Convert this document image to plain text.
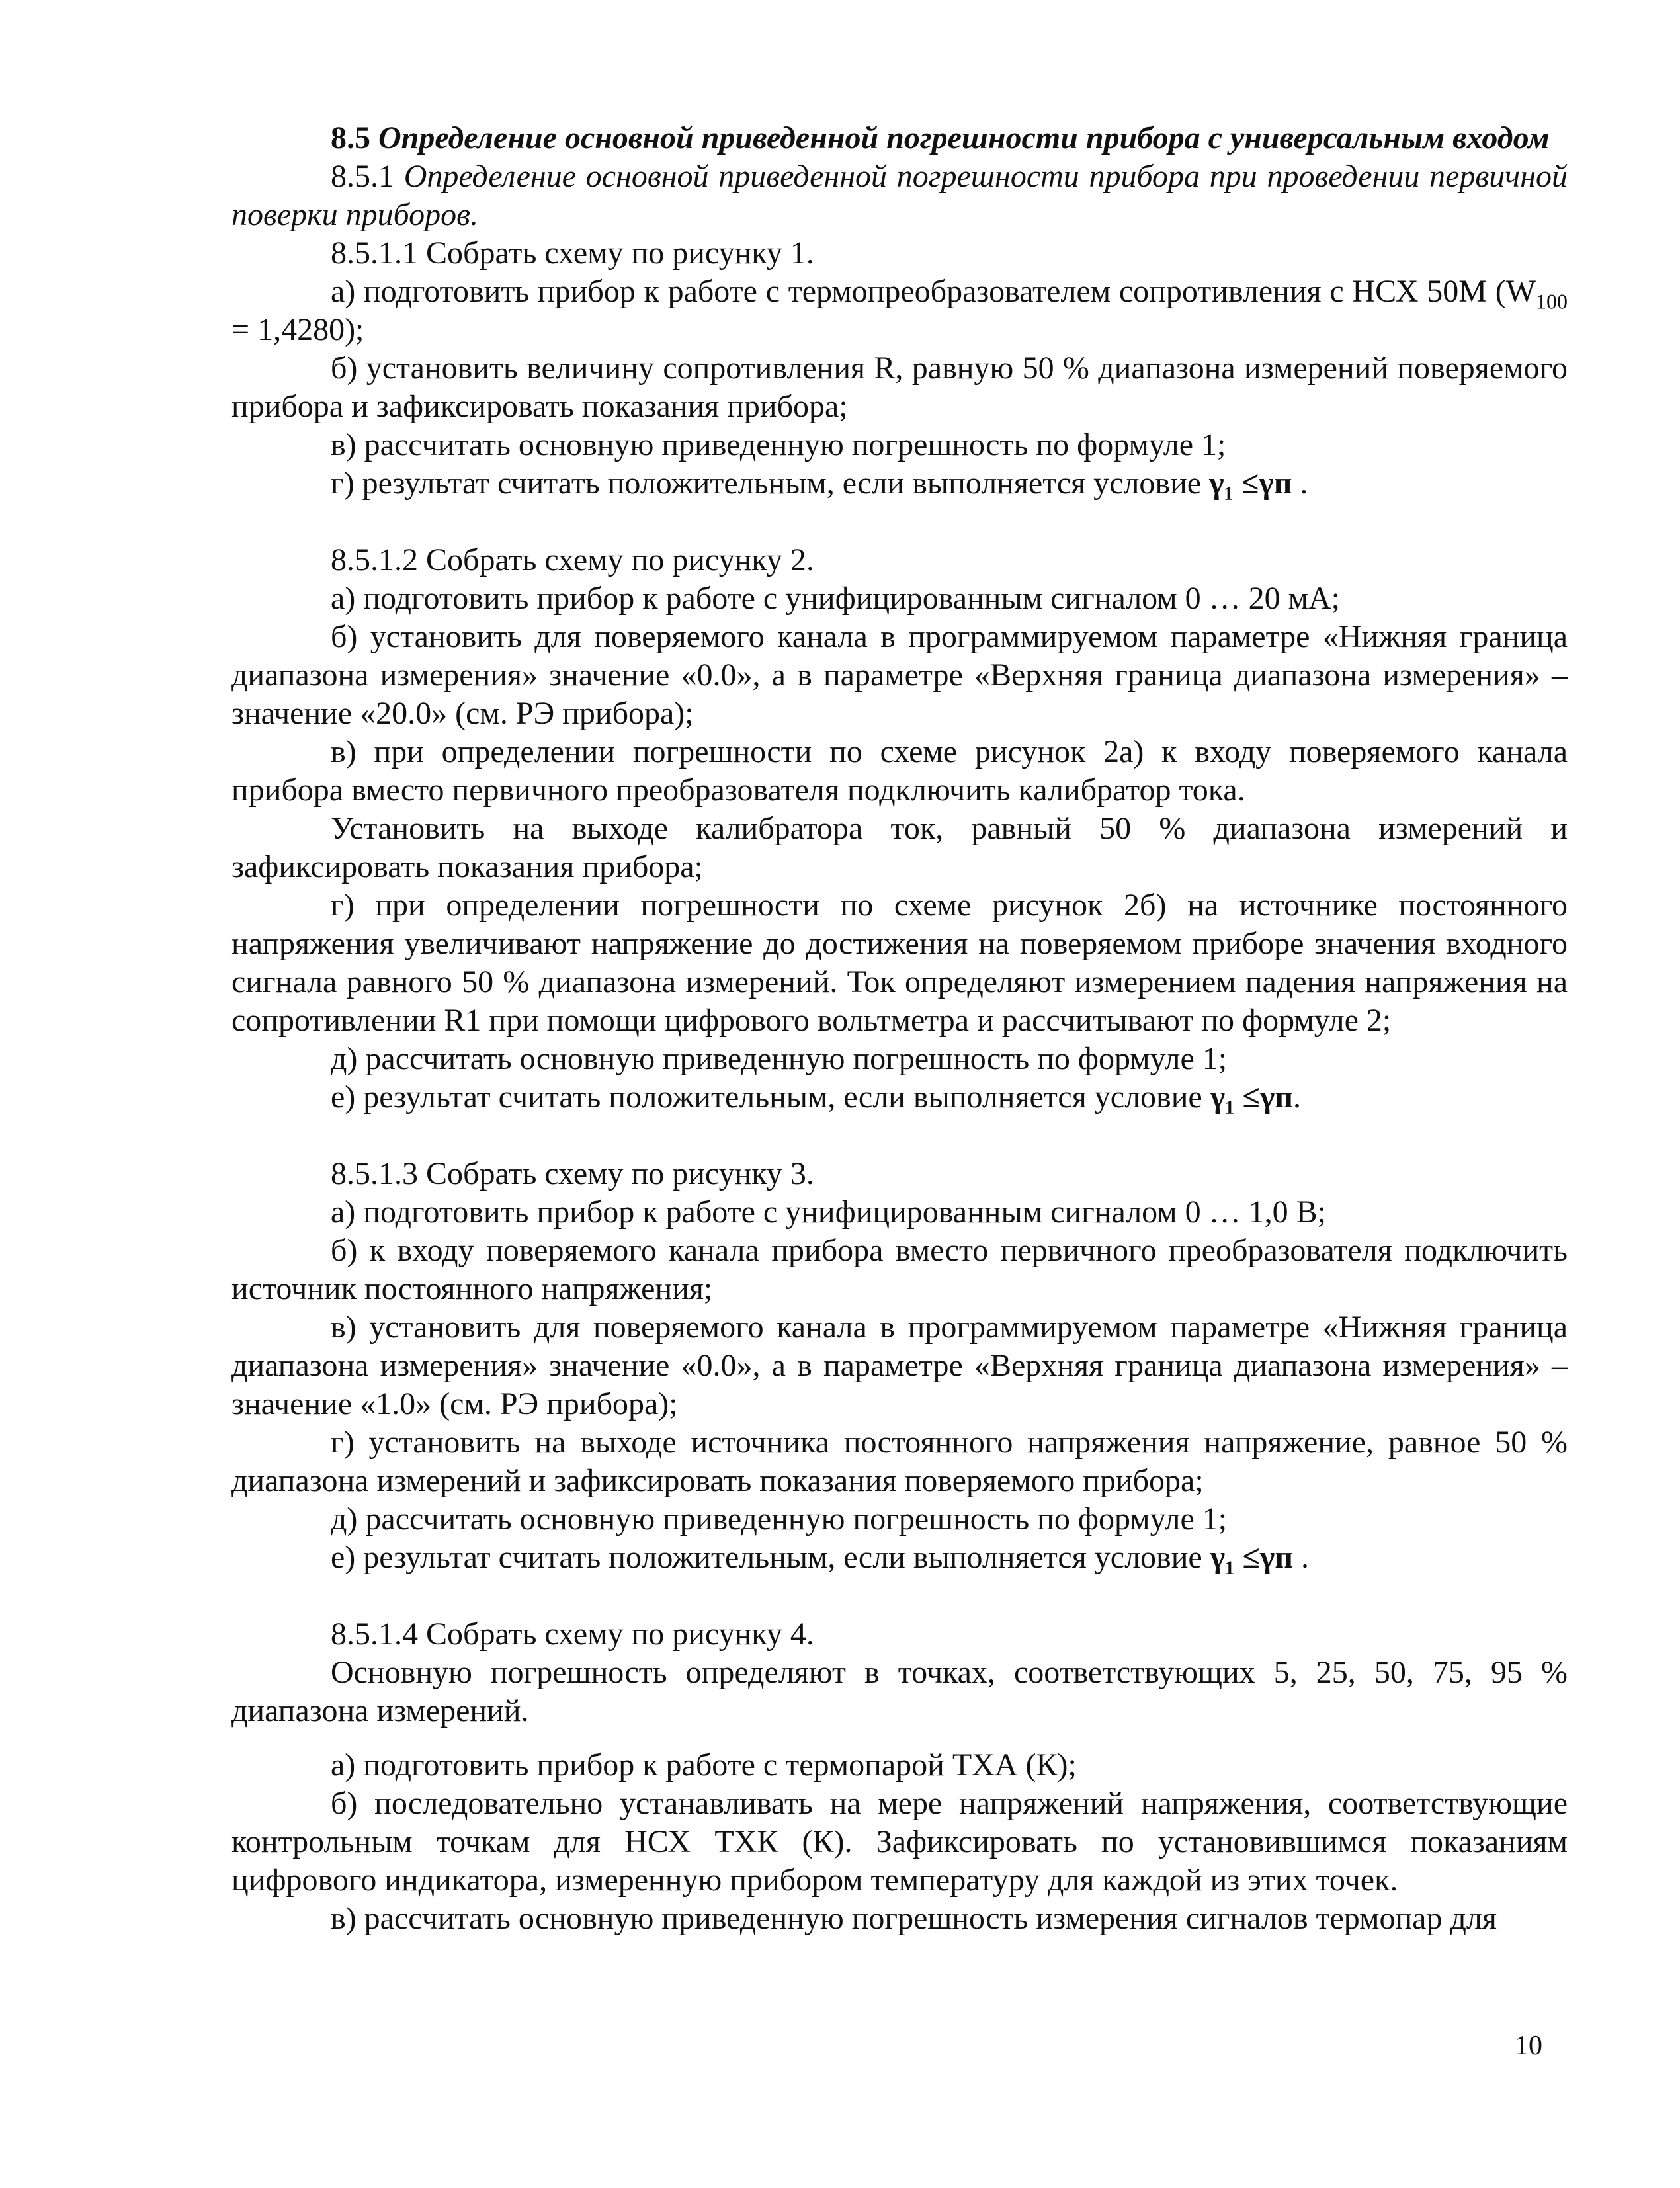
8.5 Определение основной приведенной погрешности прибора с универсальным входом

8.5.1 Определение основной приведенной погрешности прибора при проведении первичной поверки приборов.

8.5.1.1 Собрать схему по рисунку 1.

а) подготовить прибор к работе с термопреобразователем сопротивления с НСХ 50М $(W_{100} = 1,4280)$;

б) установить величину сопротивления R, равную 50 % диапазона измерений поверяемого прибора и зафиксировать показания прибора;

в) рассчитать основную приведенную погрешность по формуле 1;

г) результат считать положительным, если выполняется условие γ₁ ≤γп .

8.5.1.2 Собрать схему по рисунку 2.

а) подготовить прибор к работе с унифицированным сигналом 0 … 20 мА;

б) установить для поверяемого канала в программируемом параметре «Нижняя граница диапазона измерения» значение «0.0», а в параметре «Верхняя граница диапазона измерения» – значение «20.0» (см. РЭ прибора);

в) при определении погрешности по схеме рисунок 2а) к входу поверяемого канала прибора вместо первичного преобразователя подключить калибратор тока.

Установить на выходе калибратора ток, равный 50 % диапазона измерений и зафиксировать показания прибора;

г) при определении погрешности по схеме рисунок 2б) на источнике постоянного напряжения увеличивают напряжение до достижения на поверяемом приборе значения входного сигнала равного 50 % диапазона измерений. Ток определяют измерением падения напряжения на сопротивлении R1 при помощи цифрового вольтметра и рассчитывают по формуле 2;

д) рассчитать основную приведенную погрешность по формуле 1;

е) результат считать положительным, если выполняется условие γ₁ ≤γп.

8.5.1.3 Собрать схему по рисунку 3.

а) подготовить прибор к работе с унифицированным сигналом 0 … 1,0 В;

б) к входу поверяемого канала прибора вместо первичного преобразователя подключить источник постоянного напряжения;

в) установить для поверяемого канала в программируемом параметре «Нижняя граница диапазона измерения» значение «0.0», а в параметре «Верхняя граница диапазона измерения» – значение «1.0» (см. РЭ прибора);

г) установить на выходе источника постоянного напряжения напряжение, равное 50 % диапазона измерений и зафиксировать показания поверяемого прибора;

д) рассчитать основную приведенную погрешность по формуле 1;

е) результат считать положительным, если выполняется условие γ₁ ≤γп .

8.5.1.4 Собрать схему по рисунку 4.

Основную погрешность определяют в точках, соответствующих 5, 25, 50, 75, 95 % диапазона измерений.

а) подготовить прибор к работе с термопарой ТХА (К);

б) последовательно устанавливать на мере напряжений напряжения, соответствующие контрольным точкам для НСХ ТХК (К). Зафиксировать по установившимся показаниям цифрового индикатора, измеренную прибором температуру для каждой из этих точек.

в) рассчитать основную приведенную погрешность измерения сигналов термопар для

10
